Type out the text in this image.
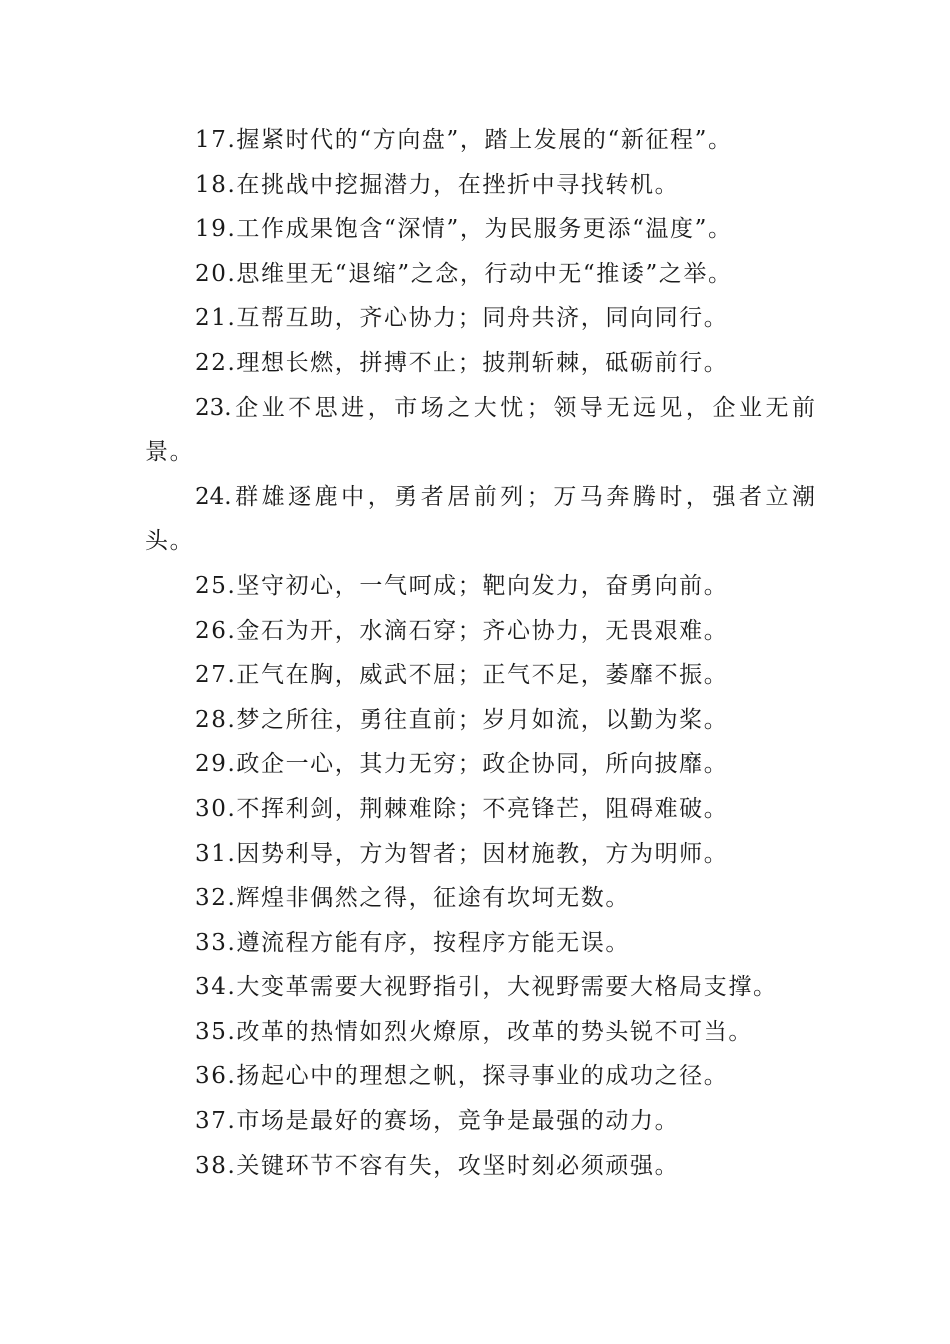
17.握紧时代的“方向盘”，踏上发展的“新征程”。
18.在挑战中挖掘潜力，在挫折中寻找转机。
19.工作成果饱含“深情”，为民服务更添“温度”。
20.思维里无“退缩”之念，行动中无“推诿”之举。
21.互帮互助，齐心协力；同舟共济，同向同行。
22.理想长燃，拼搏不止；披荆斩棘，砥砺前行。
23.企业不思进，市场之大忧；领导无远见，企业无前
景。
24.群雄逐鹿中，勇者居前列；万马奔腾时，强者立潮
头。
25.坚守初心，一气呵成；靶向发力，奋勇向前。
26.金石为开，水滴石穿；齐心协力，无畏艰难。
27.正气在胸，威武不屈；正气不足，萎靡不振。
28.梦之所往，勇往直前；岁月如流，以勤为桨。
29.政企一心，其力无穷；政企协同，所向披靡。
30.不挥利剑，荆棘难除；不亮锋芒，阻碍难破。
31.因势利导，方为智者；因材施教，方为明师。
32.辉煌非偶然之得，征途有坎坷无数。
33.遵流程方能有序，按程序方能无误。
34.大变革需要大视野指引，大视野需要大格局支撑。
35.改革的热情如烈火燎原，改革的势头锐不可当。
36.扬起心中的理想之帆，探寻事业的成功之径。
37.市场是最好的赛场，竞争是最强的动力。
38.关键环节不容有失，攻坚时刻必须顽强。
